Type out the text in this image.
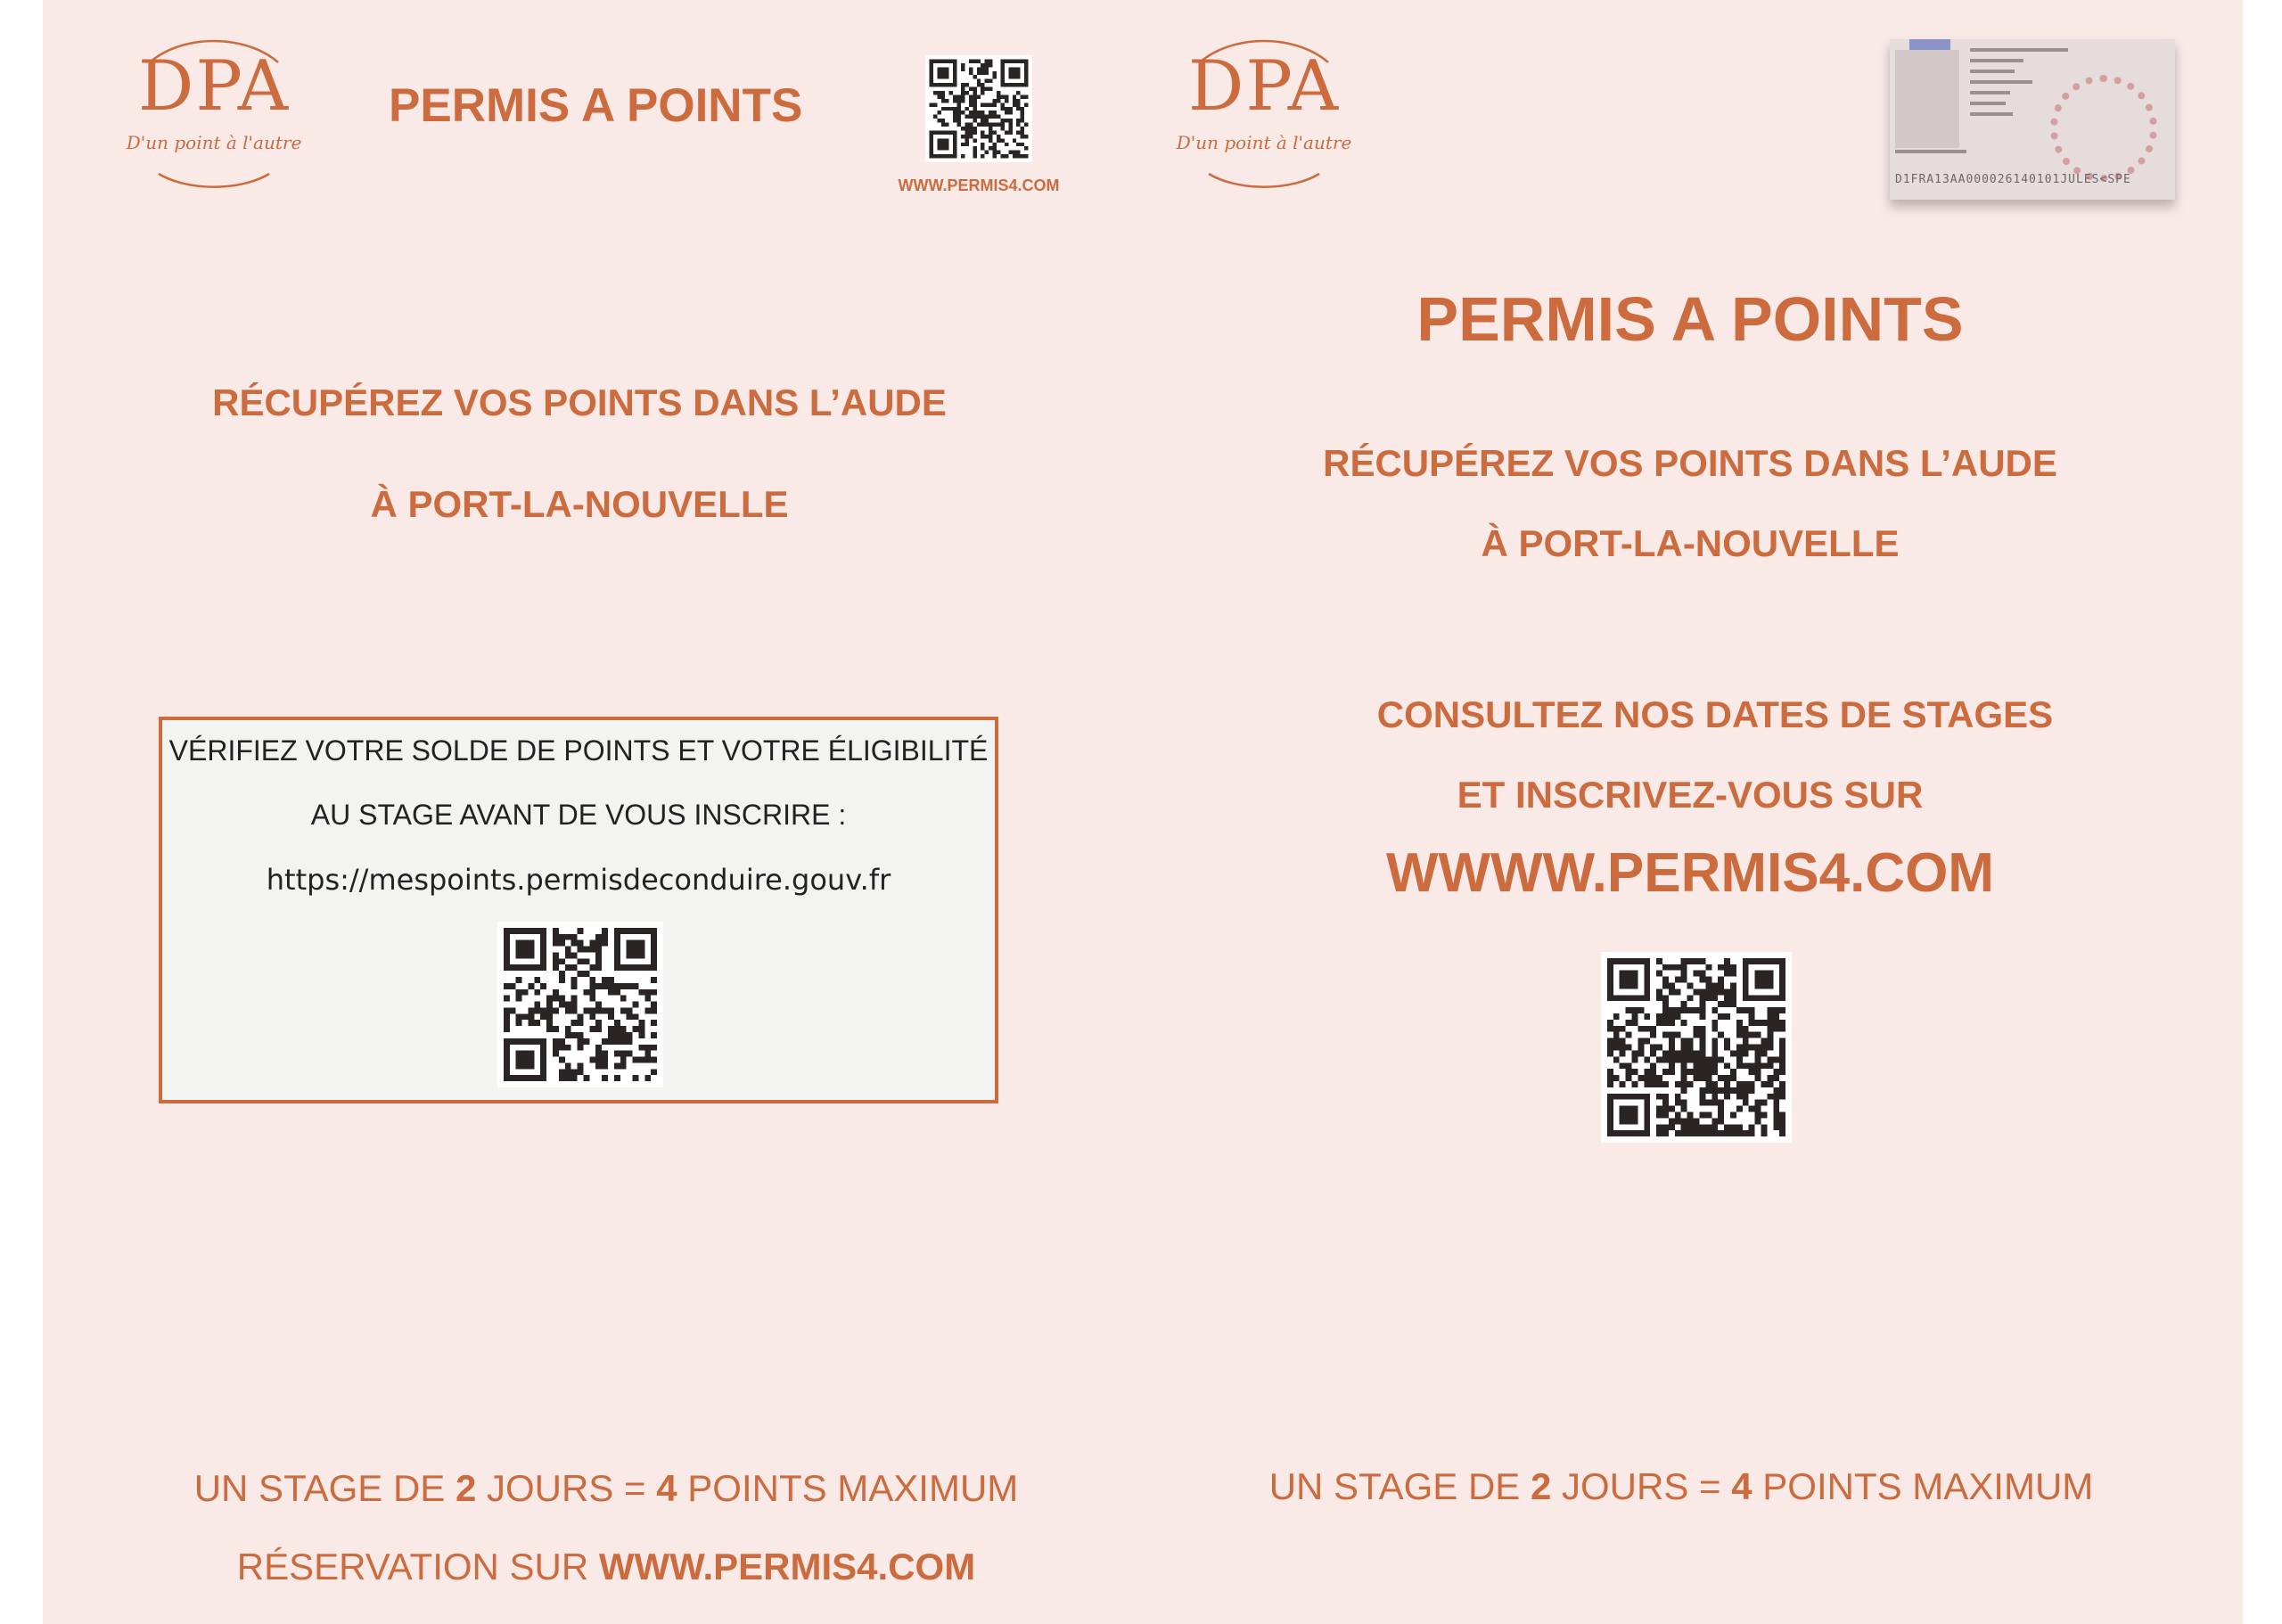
DPA
D'un point à l'autre
PERMIS A POINTS
WWW.PERMIS4.COM
RÉCUPÉREZ VOS POINTS DANS L’AUDE
À PORT-LA-NOUVELLE
VÉRIFIEZ VOTRE SOLDE DE POINTS ET VOTRE ÉLIGIBILITÉ
AU STAGE AVANT DE VOUS INSCRIRE :
https://mespoints.permisdeconduire.gouv.fr
UN STAGE DE 2 JOURS = 4 POINTS MAXIMUM
RÉSERVATION SUR WWW.PERMIS4.COM
DPA
D'un point à l'autre
D1FRA13AA000026140101JULES<SPE
PERMIS A POINTS
RÉCUPÉREZ VOS POINTS DANS L’AUDE
À PORT-LA-NOUVELLE
CONSULTEZ NOS DATES DE STAGES
ET INSCRIVEZ-VOUS SUR
WWWW.PERMIS4.COM
UN STAGE DE 2 JOURS = 4 POINTS MAXIMUM
